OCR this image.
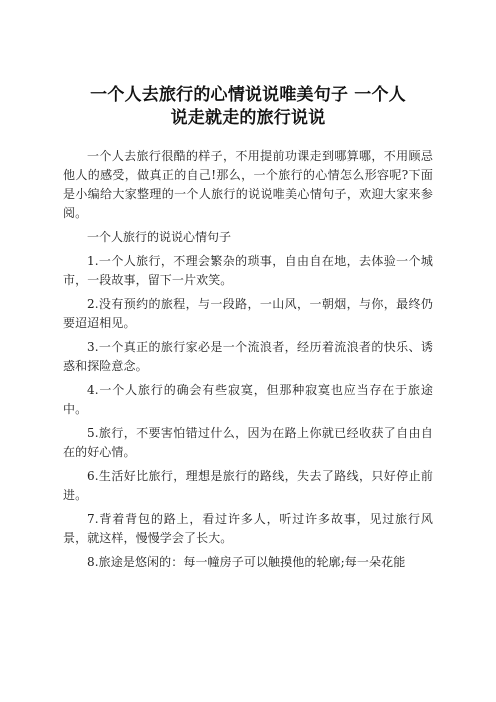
一个人去旅行的心情说说唯美句子 一个人
说走就走的旅行说说

一个人去旅行很酷的样子，不用提前功课走到哪算哪，不用顾忌他人的感受，做真正的自己!那么，一个旅行的心情怎么形容呢?下面是小编给大家整理的一个人旅行的说说唯美心情句子，欢迎大家来参阅。

一个人旅行的说说心情句子

1.一个人旅行，不理会繁杂的琐事，自由自在地，去体验一个城市，一段故事，留下一片欢笑。

2.没有预约的旅程，与一段路，一山风，一朝烟，与你，最终仍要迢迢相见。

3.一个真正的旅行家必是一个流浪者，经历着流浪者的快乐、诱惑和探险意念。

4.一个人旅行的确会有些寂寞，但那种寂寞也应当存在于旅途中。

5.旅行，不要害怕错过什么，因为在路上你就已经收获了自由自在的好心情。

6.生活好比旅行，理想是旅行的路线，失去了路线，只好停止前进。

7.背着背包的路上，看过许多人，听过许多故事，见过旅行风景，就这样，慢慢学会了长大。

8.旅途是悠闲的：每一幢房子可以触摸他的轮廓;每一朵花能
